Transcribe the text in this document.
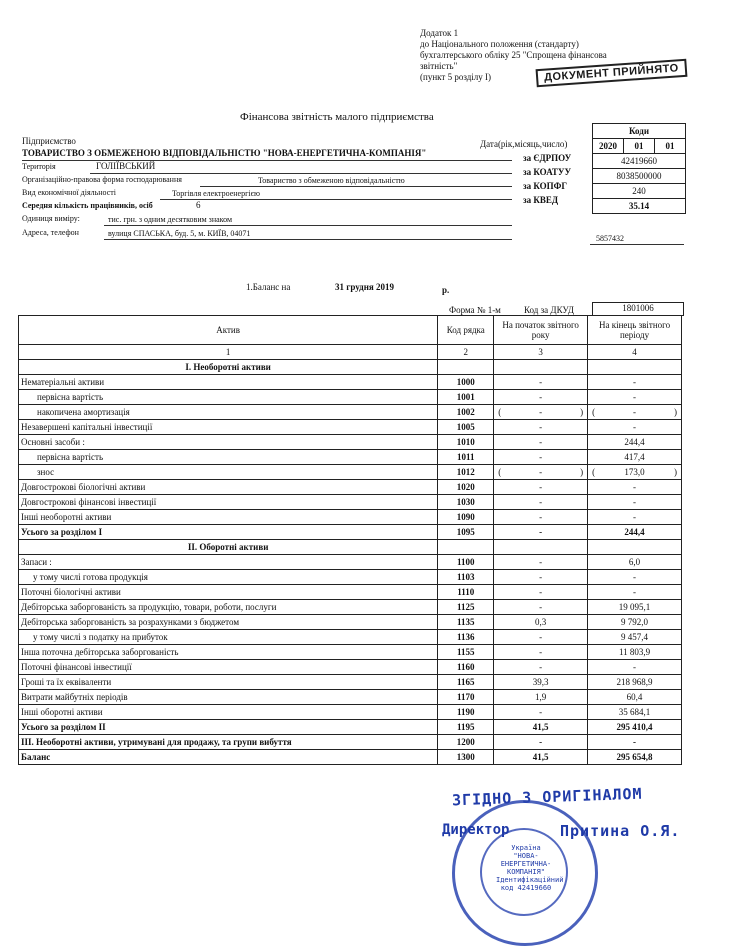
Додаток 1
до Національного положення (стандарту)
бухгалтерського обліку 25 "Спрощена фінансова
звітність"
(пункт 5 розділу І)	ДОКУМЕНТ ПРИЙНЯТО
Фінансова звітність малого підприємства
Коди
2020	01	01
42419660
8038500000
240
35.14
Дата(рік,місяць,число)
за ЄДРПОУ
за КОАТУУ
за КОПФГ
за КВЕД
Підприємство
ТОВАРИСТВО З ОБМЕЖЕНОЮ ВІДПОВІДАЛЬНІСТЮ "НОВА-ЕНЕРГЕТИЧНА-КОМПАНІЯ"
Територія	ГОЛІЇВСЬКИЙ
Організаційно-правова форма господарювання	Товариство з обмеженою відповідальністю
Вид економічної діяльності	Торгівля електроенергією
Середня кількість працівників, осіб	6
Одиниця виміру:	тис. грн. з одним десятковим знаком
Адреса, телефон	вулиця СПАСЬКА, буд. 5, м. КИЇВ, 04071
5857432
1.Баланс на	31 грудня 2019	р.
Форма № 1-м	Код за ДКУД	1801006
Актив	Код рядка	На початок звітного року	На кінець звітного періоду
1	2	3	4
І. Необоротні активи			
Нематеріальні активи	1000	-	-
первісна вартість	1001	-	-
накопичена амортизація	1002	( - )	( - )

Незавершені капітальні інвестиції	1005	-	-
Основні засоби :	1010	-	244,4
первісна вартість	1011	-	417,4
знос	1012	( - )	( 173,0 )

Довгострокові біологічні активи	1020	-	-
Довгострокові фінансові інвестиції	1030	-	-
Інші необоротні активи	1090	-	-
Усього за розділом І	1095	-	244,4
ІІ. Оборотні активи			
Запаси :	1100	-	6,0
у тому числі готова продукція	1103	-	-
Поточні біологічні активи	1110	-	-
Дебіторська заборгованість за продукцію, товари, роботи, послуги	1125	-	19 095,1
Дебіторська заборгованість за розрахунками з бюджетом	1135	0,3	9 792,0
у тому числі з податку на прибуток	1136	-	9 457,4
Інша поточна дебіторська заборгованість	1155	-	11 803,9
Поточні фінансові інвестиції	1160	-	-
Гроші та їх еквіваленти	1165	39,3	218 968,9
Витрати майбутніх періодів	1170	1,9	60,4
Інші оборотні активи	1190	-	35 684,1
Усього за розділом ІІ	1195	41,5	295 410,4
ІІІ. Необоротні активи, утримувані для продажу, та групи вибуття	1200	-	-
Баланс	1300	41,5	295 654,8
ЗГІДНО З ОРИГІНАЛОМ
Україна
"НОВА-
ЕНЕРГЕТИЧНА-
КОМПАНІЯ"
Ідентифікаційний
код 42419660
Директор	Притина О.Я.
